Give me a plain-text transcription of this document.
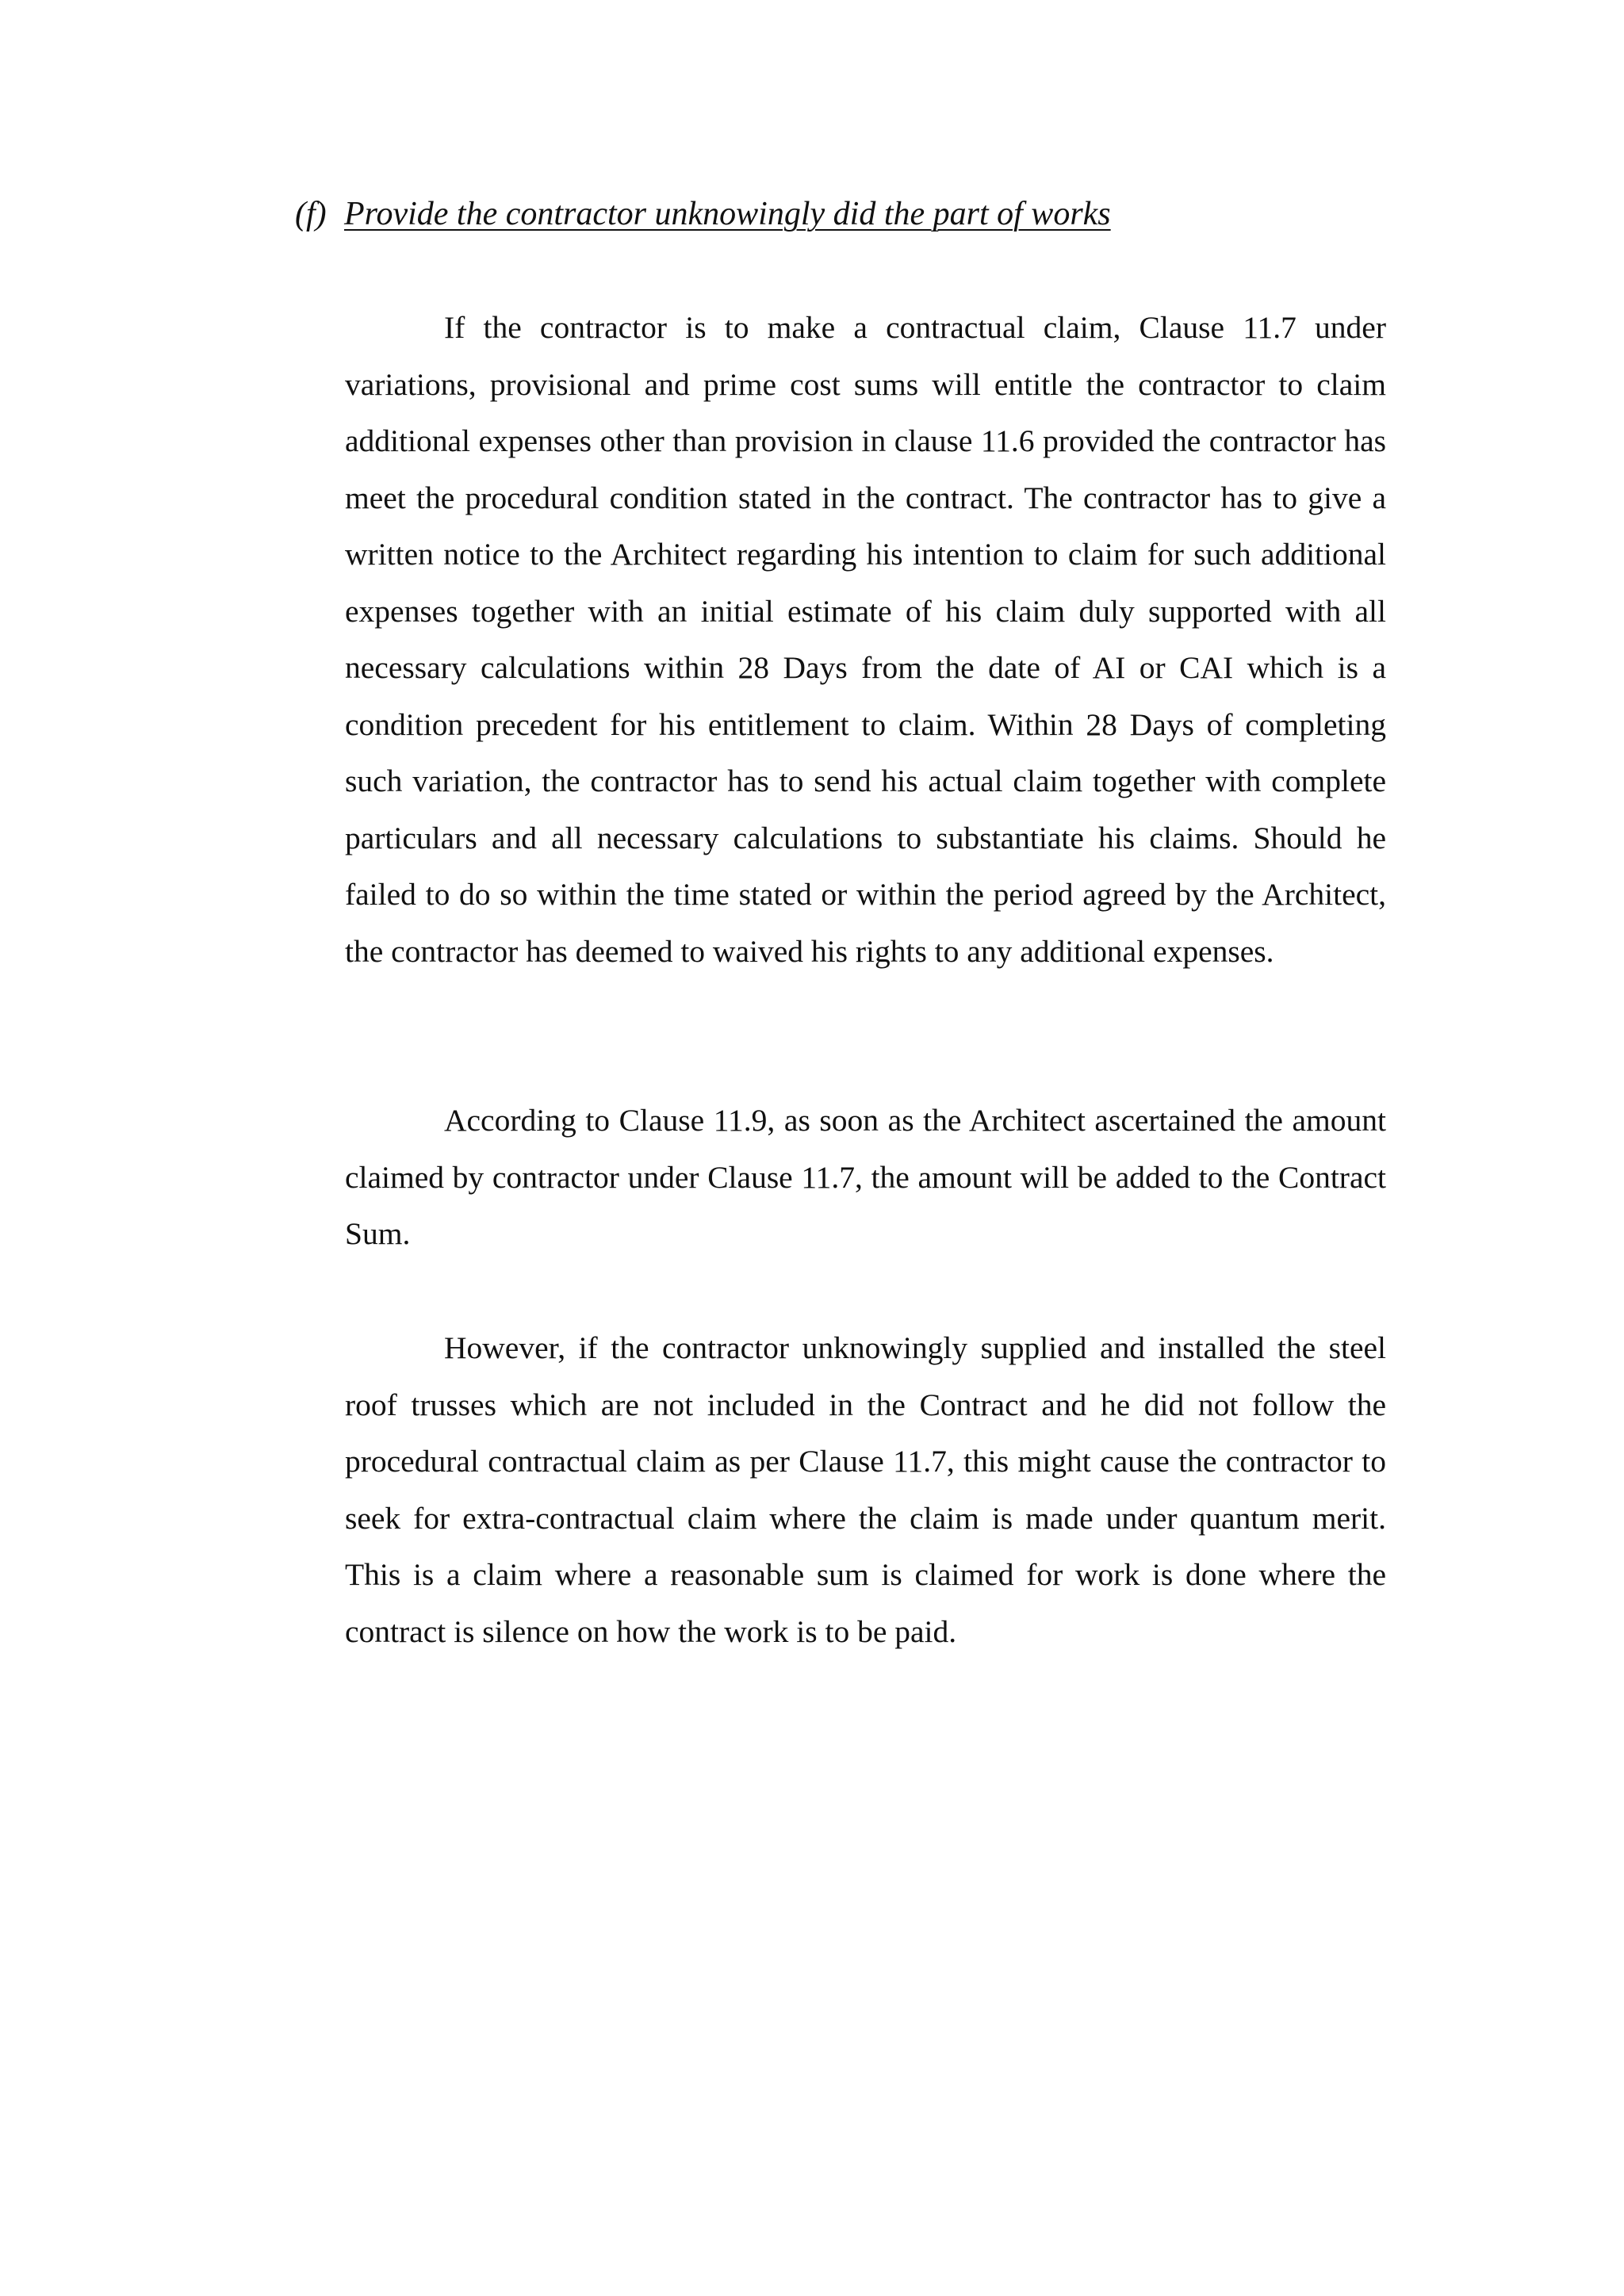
(f) Provide the contractor unknowingly did the part of works

If the contractor is to make a contractual claim, Clause 11.7 under variations, provisional and prime cost sums will entitle the contractor to claim additional expenses other than provision in clause 11.6 provided the contractor has meet the procedural condition stated in the contract. The contractor has to give a written notice to the Architect regarding his intention to claim for such additional expenses together with an initial estimate of his claim duly supported with all necessary calculations within 28 Days from the date of AI or CAI which is a condition precedent for his entitlement to claim. Within 28 Days of completing such variation, the contractor has to send his actual claim together with complete particulars and all necessary calculations to substantiate his claims. Should he failed to do so within the time stated or within the period agreed by the Architect, the contractor has deemed to waived his rights to any additional expenses.

According to Clause 11.9, as soon as the Architect ascertained the amount claimed by contractor under Clause 11.7, the amount will be added to the Contract Sum.

However, if the contractor unknowingly supplied and installed the steel roof trusses which are not included in the Contract and he did not follow the procedural contractual claim as per Clause 11.7, this might cause the contractor to seek for extra-contractual claim where the claim is made under quantum merit. This is a claim where a reasonable sum is claimed for work is done where the contract is silence on how the work is to be paid.
